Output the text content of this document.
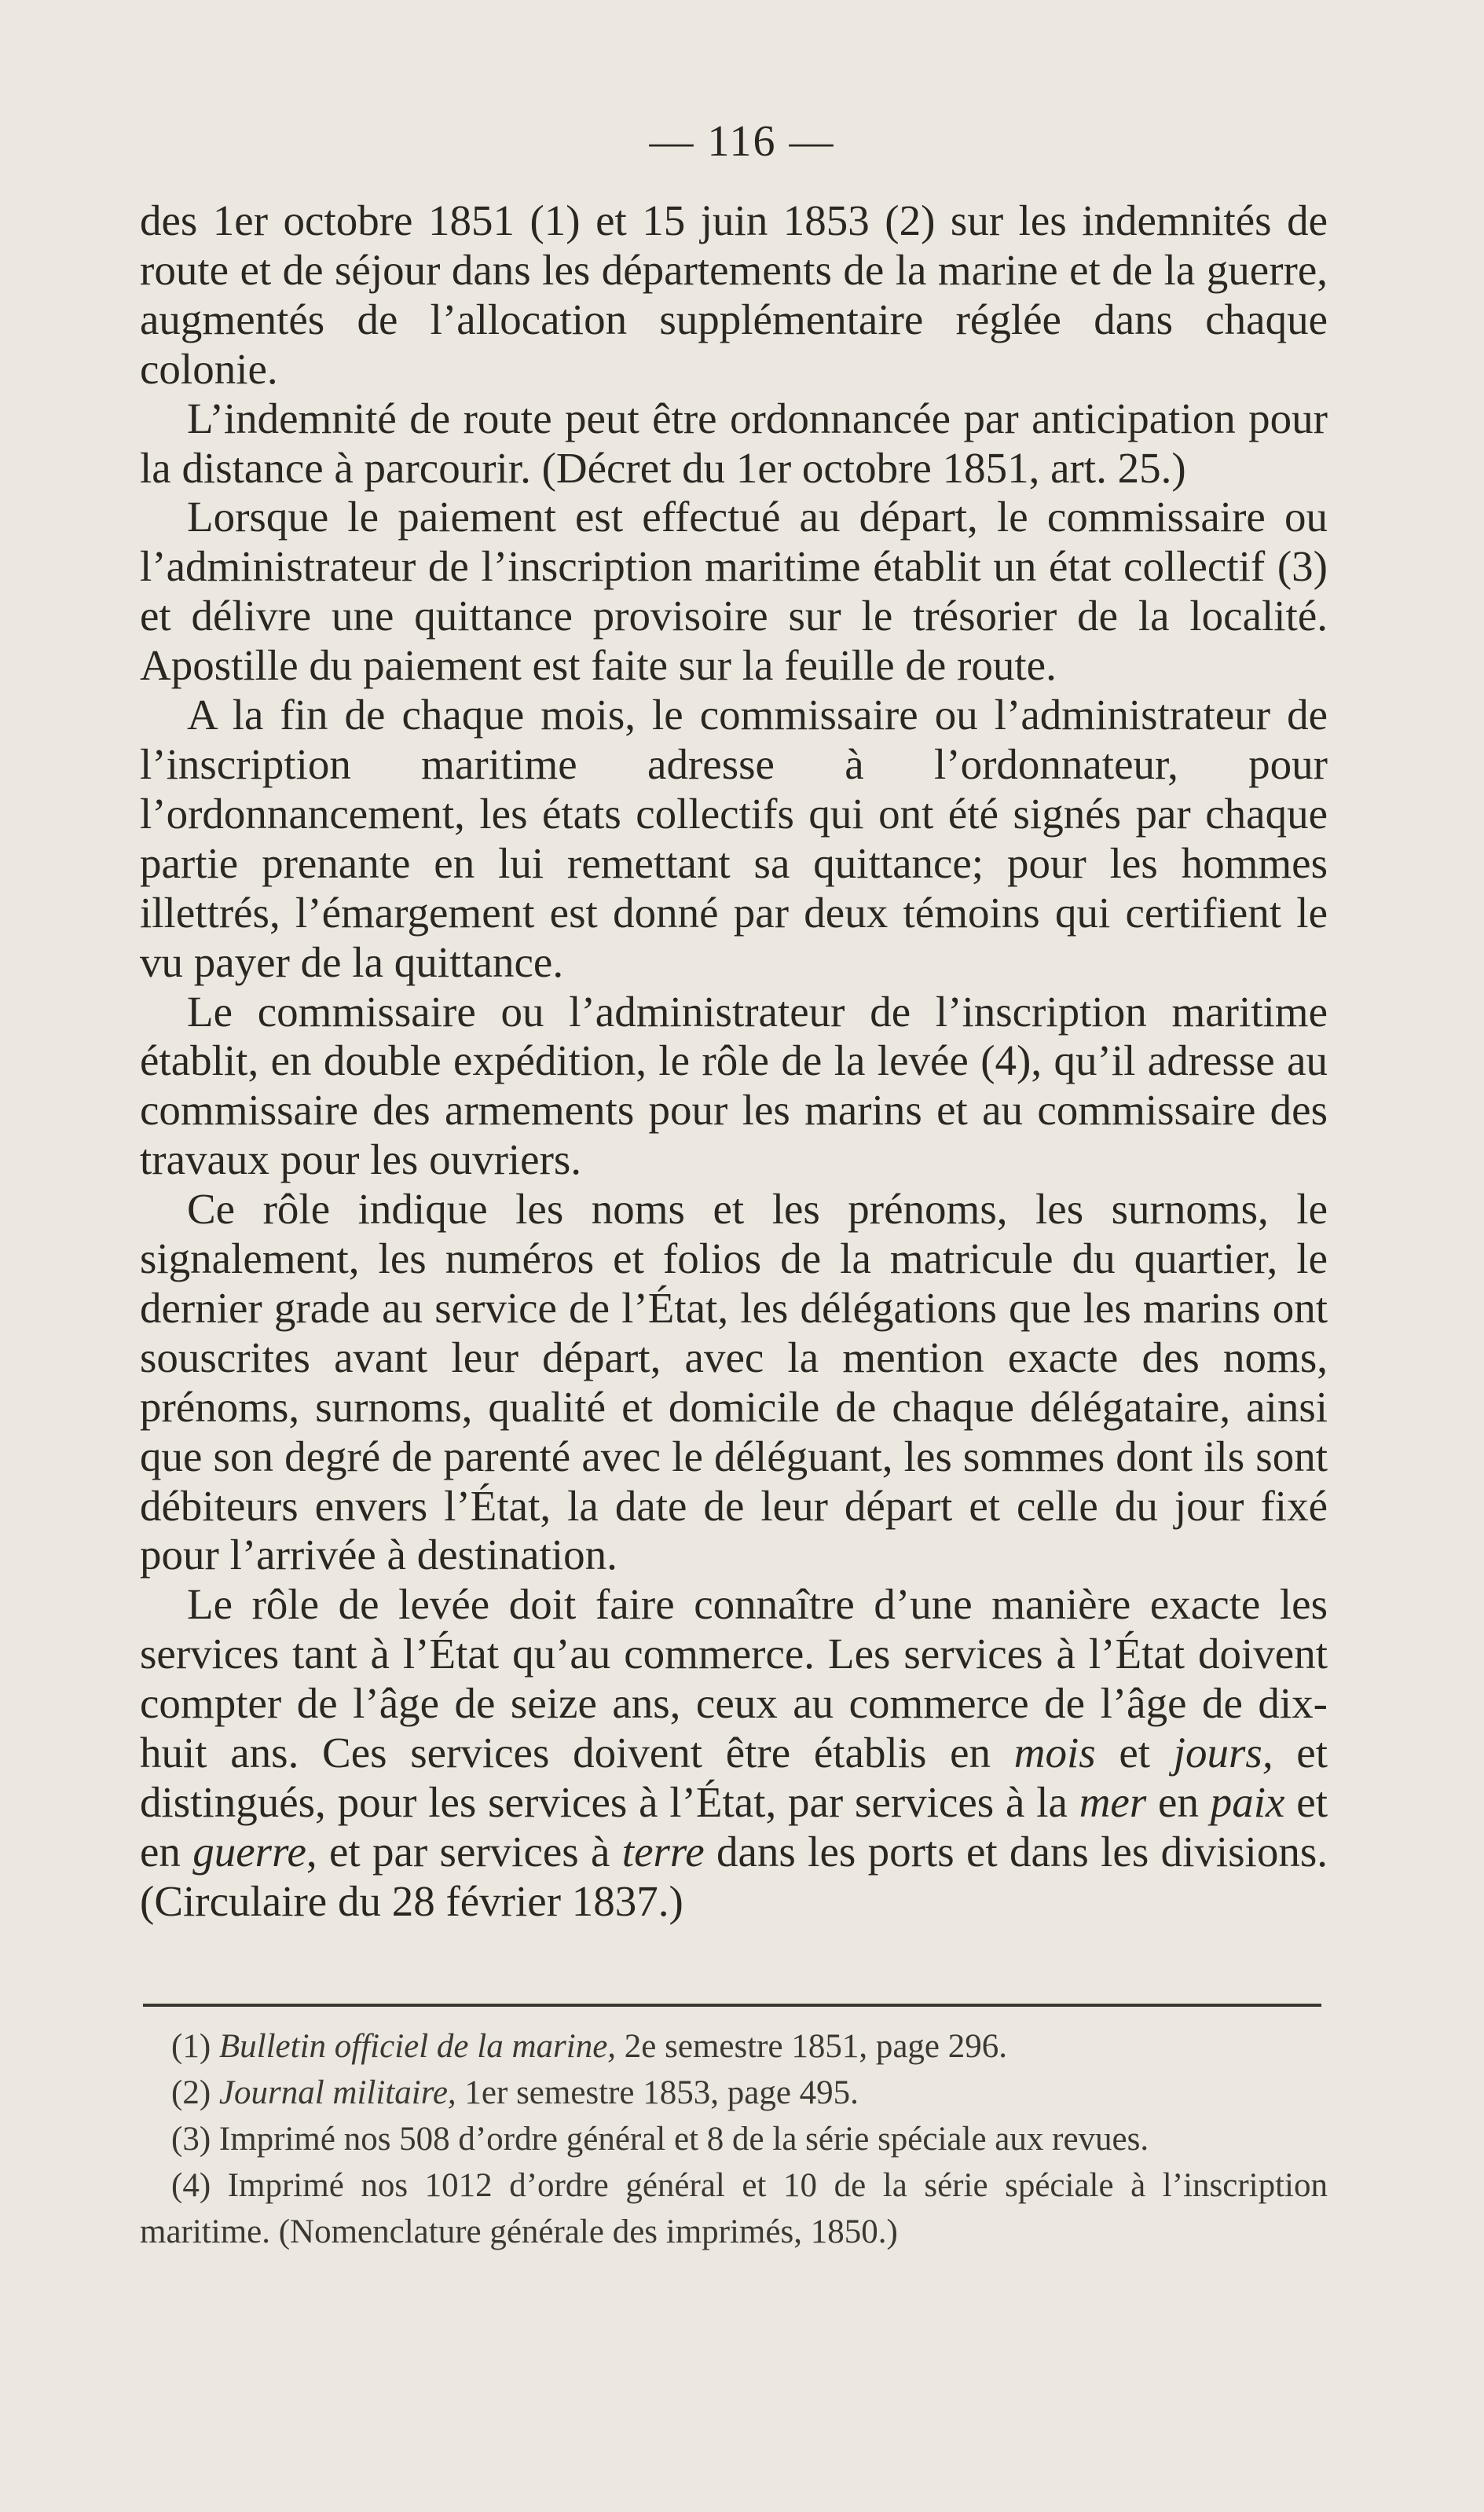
— 116 —

des 1er octobre 1851 (1) et 15 juin 1853 (2) sur les indemnités de route et de séjour dans les départements de la marine et de la guerre, augmentés de l’allocation supplémentaire réglée dans chaque colonie.

L’indemnité de route peut être ordonnancée par anticipation pour la distance à parcourir. (Décret du 1er octobre 1851, art. 25.)

Lorsque le paiement est effectué au départ, le commissaire ou l’administrateur de l’inscription maritime établit un état collectif (3) et délivre une quittance provisoire sur le trésorier de la localité. Apostille du paiement est faite sur la feuille de route.

A la fin de chaque mois, le commissaire ou l’administrateur de l’inscription maritime adresse à l’ordonnateur, pour l’ordonnancement, les états collectifs qui ont été signés par chaque partie prenante en lui remettant sa quittance; pour les hommes illettrés, l’émargement est donné par deux témoins qui certifient le vu payer de la quittance.

Le commissaire ou l’administrateur de l’inscription maritime établit, en double expédition, le rôle de la levée (4), qu’il adresse au commissaire des armements pour les marins et au commissaire des travaux pour les ouvriers.

Ce rôle indique les noms et les prénoms, les surnoms, le signalement, les numéros et folios de la matricule du quartier, le dernier grade au service de l’État, les délégations que les marins ont souscrites avant leur départ, avec la mention exacte des noms, prénoms, surnoms, qualité et domicile de chaque délégataire, ainsi que son degré de parenté avec le déléguant, les sommes dont ils sont débiteurs envers l’État, la date de leur départ et celle du jour fixé pour l’arrivée à destination.

Le rôle de levée doit faire connaître d’une manière exacte les services tant à l’État qu’au commerce. Les services à l’État doivent compter de l’âge de seize ans, ceux au commerce de l’âge de dix-huit ans. Ces services doivent être établis en mois et jours, et distingués, pour les services à l’État, par services à la mer en paix et en guerre, et par services à terre dans les ports et dans les divisions. (Circulaire du 28 février 1837.)

(1) Bulletin officiel de la marine, 2e semestre 1851, page 296.

(2) Journal militaire, 1er semestre 1853, page 495.

(3) Imprimé nos 508 d’ordre général et 8 de la série spéciale aux revues.

(4) Imprimé nos 1012 d’ordre général et 10 de la série spéciale à l’inscription maritime. (Nomenclature générale des imprimés, 1850.)
